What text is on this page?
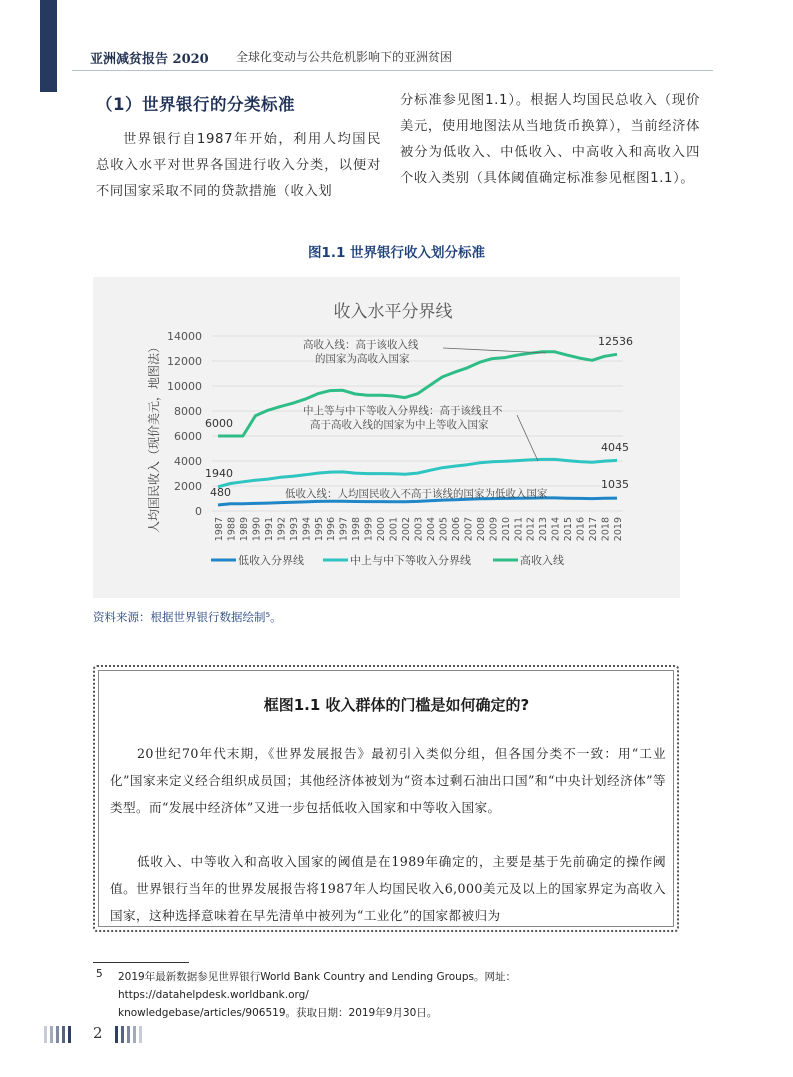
亚洲减贫报告 2020 全球化变动与公共危机影响下的亚洲贫困
（1）世界银行的分类标准

世界银行自1987年开始，利用人均国民总收入水平对世界各国进行收入分类，以便对不同国家采取不同的贷款措施（收入划

分标准参见图1.1）。根据人均国民总收入（现价美元，使用地图法从当地货币换算），当前经济体被分为低收入、中低收入、中高收入和高收入四个收入类别（具体阈值确定标准参见框图1.1）。

图1.1 世界银行收入划分标准
收入水平分界线
0
2000
4000
6000
8000
10000
12000
14000
1987 1988 1989 1990 1991 1992 1993 1994 1995 1996 1997 1998 1999 2000 2001 2002 2003 2004 2005 2006 2007 2008 2009 2010 2011 2012 2013 2014 2015 2016 2017 2018 2019
人均国民收入（现价美元，地图法）	高收入线：高于该收入线
的国家为高收入国家
中上等与中下等收入分界线：高于该线且不
高于高收入线的国家为中上等收入国家
低收入线：人均国民收入不高于该线的国家为低收入国家
6000
12536
1940
4045
480
1035
低收入分界线	中上与中下等收入分界线	高收入线
资料来源：根据世界银行数据绘制⁵。
框图1.1 收入群体的门槛是如何确定的?

20世纪70年代末期，《世界发展报告》最初引入类似分组，但各国分类不一致：用“工业化”国家来定义经合组织成员国；其他经济体被划为“资本过剩石油出口国”和“中央计划经济体”等类型。而“发展中经济体”又进一步包括低收入国家和中等收入国家。

低收入、中等收入和高收入国家的阈值是在1989年确定的，主要是基于先前确定的操作阈值。世界银行当年的世界发展报告将1987年人均国民收入6,000美元及以上的国家界定为高收入国家，这种选择意味着在早先清单中被列为“工业化”的国家都被归为

5 2019年最新数据参见世界银行World Bank Country and Lending Groups。网址：https://datahelpdesk.worldbank.org/
knowledgebase/articles/906519。获取日期：2019年9月30日。
2
